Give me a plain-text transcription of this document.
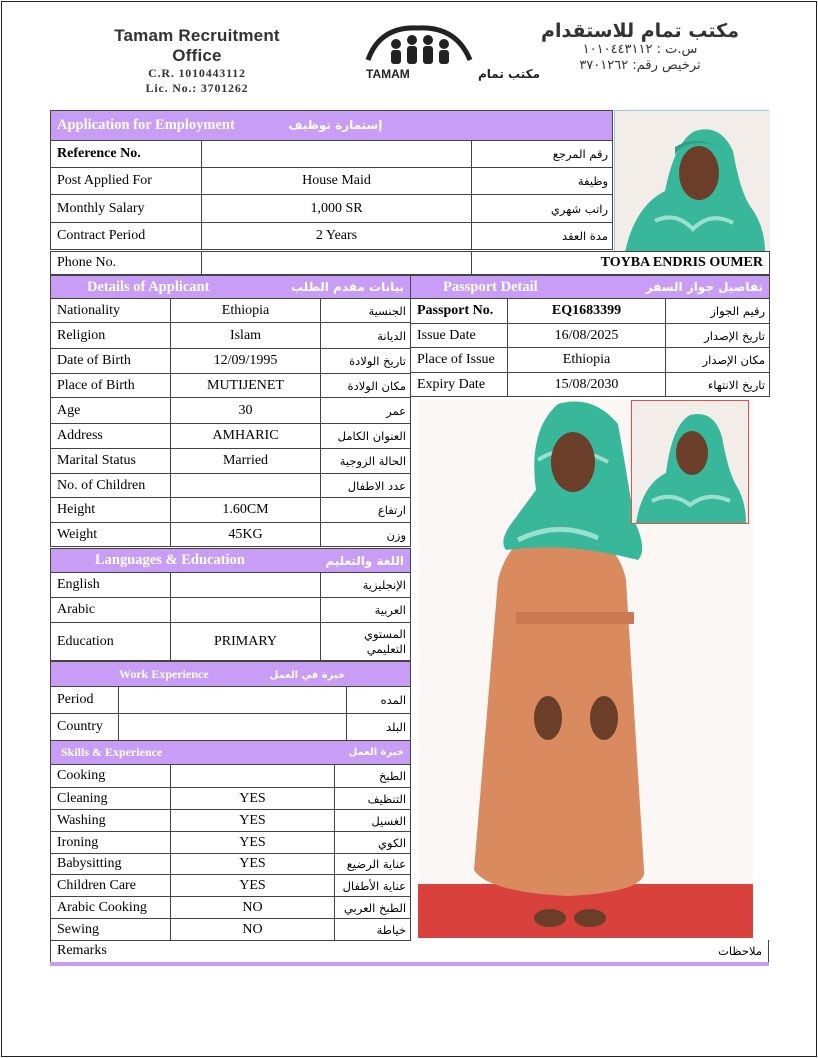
Tamam Recruitment Office
C.R. 1010443112
Lic. No.: 3701262
TAMAM	مكتب تمام
مكتب تمام للاستقدام
س.ت : ١٠١٠٤٤٣١١٢
ترخيص رقم: ٣٧٠١٢٦٢
Application for Employment إستمارة توظيف		
Reference No.		رقم المرجع
Post Applied For	House Maid	وظيفة
Monthly Salary	1,000 SR	راتب شهري
Contract Period	2 Years	مدة العقد
Phone No.		TOYBA ENDRIS OUMER
Details of Applicant بيانات مقدم الطلب		

Nationality	Ethiopia	الجنسية
Religion	Islam	الديانة
Date of Birth	12/09/1995	تاريخ الولادة
Place of Birth	MUTIJENET	مكان الولادة
Age	30	عمر
Address	AMHARIC	العنوان الكامل
Marital Status	Married	الحالة الزوجية
No. of Children		عدد الاطفال
Height	1.60CM	ارتفاع
Weight	45KG	وزن
Passport Detail تفاصيل جواز السفر		

Passport No.	EQ1683399	رقيم الجواز
Issue Date	16/08/2025	تاريخ الإصدار
Place of Issue	Ethiopia	مكان الإصدار
Expiry Date	15/08/2030	تاريخ الانتهاء
Languages & Education اللغة والتعليم		

English		الإنجليزية
Arabic		العربية
Education	PRIMARY	المستوي التعليمي
Work Experience خبرة في العمل		
Period		المده
Country		البلد
Skills & Experience خبرة العمل		

Cooking		الطبخ
Cleaning	YES	التنظيف
Washing	YES	الغسيل
Ironing	YES	الكوي
Babysitting	YES	عناية الرضيع
Children Care	YES	عناية الأطفال
Arabic Cooking	NO	الطبخ العربي
Sewing	NO	خياطة
Remarks	ملاحظات
